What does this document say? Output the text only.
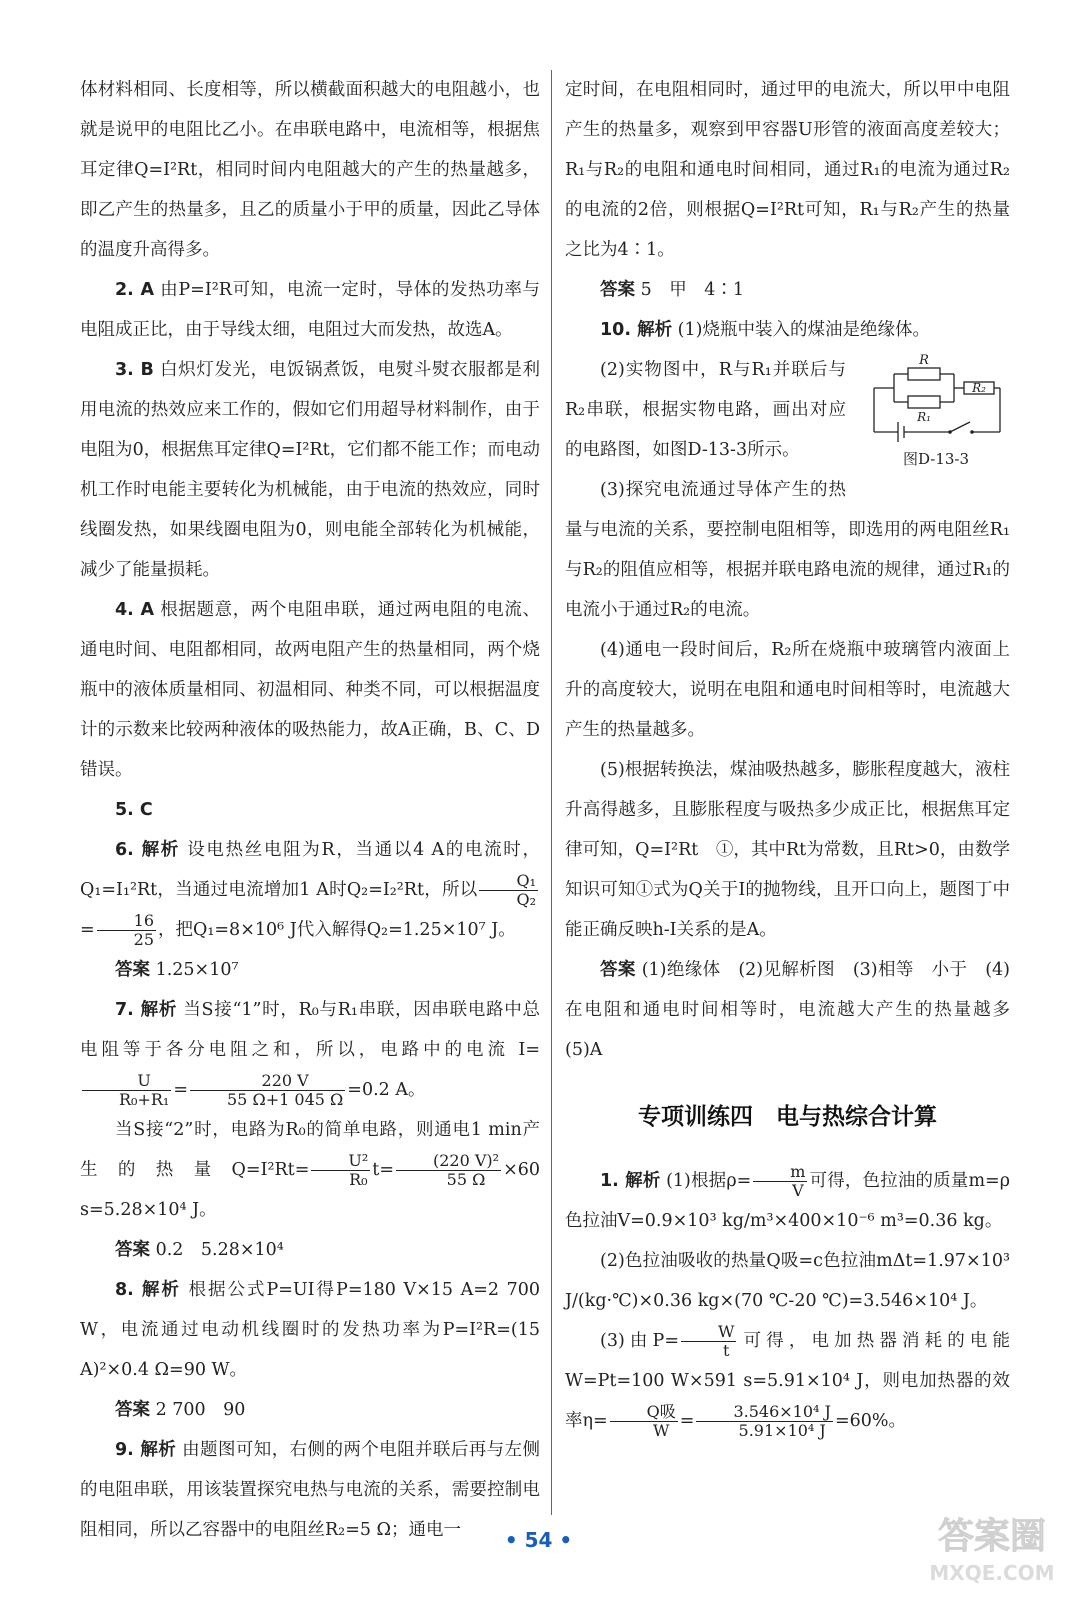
体材料相同、长度相等，所以横截面积越大的电阻越小，也就是说甲的电阻比乙小。在串联电路中，电流相等，根据焦耳定律Q=I²Rt，相同时间内电阻越大的产生的热量越多，即乙产生的热量多，且乙的质量小于甲的质量，因此乙导体的温度升高得多。

2. A 由P=I²R可知，电流一定时，导体的发热功率与电阻成正比，由于导线太细，电阻过大而发热，故选A。

3. B 白炽灯发光，电饭锅煮饭，电熨斗熨衣服都是利用电流的热效应来工作的，假如它们用超导材料制作，由于电阻为0，根据焦耳定律Q=I²Rt，它们都不能工作；而电动机工作时电能主要转化为机械能，由于电流的热效应，同时线圈发热，如果线圈电阻为0，则电能全部转化为机械能，减少了能量损耗。

4. A 根据题意，两个电阻串联，通过两电阻的电流、通电时间、电阻都相同，故两电阻产生的热量相同，两个烧瓶中的液体质量相同、初温相同、种类不同，可以根据温度计的示数来比较两种液体的吸热能力，故A正确，B、C、D错误。

5. C

6. 解析 设电热丝电阻为R，当通以4 A的电流时，Q₁=I₁²Rt，当通过电流增加1 A时Q₂=I₂²Rt，所以 $\frac{\text{Q₁}}{\text{Q₂}}$
= $\frac{16}{25}$ ，把Q₁=8×10⁶ J代入解得Q₂=1.25×10⁷ J。

答案 1.25×10⁷

7. 解析 当S接“1”时，R₀与R₁串联，因串联电路中总电阻等于各分电阻之和，所以，电路中的电流 I=
$\frac{U}{\text{R₀+R₁}} = \frac{220 V}{55 \Omega+1 045 \Omega} =0.2$ A。

当S接“2”时，电路为R₀的简单电路，则通电1 min产生的热量$Q=I^2Rt= \frac{\text{U²}}{\text{R₀}} t= \frac{\text{(220 V)²}}{55 \Omega} \times 60$ s=5.28×10⁴ J。

答案 0.2　5.28×10⁴

8. 解析 根据公式P=UI得P=180 V×15 A=2 700 W，电流通过电动机线圈时的发热功率为P=I²R=(15 A)²×0.4 Ω=90 W。

答案 2 700　90

9. 解析 由题图可知，右侧的两个电阻并联后再与左侧的电阻串联，用该装置探究电热与电流的关系，需要控制电阻相同，所以乙容器中的电阻丝R₂=5 Ω；通电一

定时间，在电阻相同时，通过甲的电流大，所以甲中电阻产生的热量多，观察到甲容器U形管的液面高度差较大；R₁与R₂的电阻和通电时间相同，通过R₁的电流为通过R₂的电流的2倍，则根据Q=I²Rt可知，R₁与R₂产生的热量之比为4∶1。

答案 5　甲　4∶1

10. 解析 (1)烧瓶中装入的煤油是绝缘体。

R
R₁
R₂
图D-13-3

(2)实物图中，R与R₁并联后与R₂串联，根据实物电路，画出对应的电路图，如图D-13-3所示。

(3)探究电流通过导体产生的热量与电流的关系，要控制电阻相等，即选用的两电阻丝R₁与R₂的阻值应相等，根据并联电路电流的规律，通过R₁的电流小于通过R₂的电流。

(4)通电一段时间后，R₂所在烧瓶中玻璃管内液面上升的高度较大，说明在电阻和通电时间相等时，电流越大产生的热量越多。

(5)根据转换法，煤油吸热越多，膨胀程度越大，液柱升高得越多，且膨胀程度与吸热多少成正比，根据焦耳定律可知，Q=I²Rt　①，其中Rt为常数，且Rt>0，由数学知识可知①式为Q关于I的抛物线，且开口向上，题图丁中能正确反映h-I关系的是A。

答案 (1)绝缘体　(2)见解析图　(3)相等　小于　(4)在电阻和通电时间相等时，电流越大产生的热量越多　(5)A

专项训练四　电与热综合计算

1. 解析 (1)根据$\rho= \frac{m}{V}$ 可得，色拉油的质量m=ρ色拉油V=0.9×10³ kg/m³×400×10⁻⁶ m³=0.36 kg。

(2)色拉油吸收的热量Q吸=c色拉油mΔt=1.97×10³ J/(kg·℃)×0.36 kg×(70 ℃-20 ℃)=3.546×10⁴ J。

(3)由$P= \frac{W}{t}$ 可得，电加热器消耗的电能W=Pt=100 W×591 s=5.91×10⁴ J，则电加热器的效率$\eta= \frac{\text{Q吸}}{W} = \frac{\text{3.546×10⁴ J}}{\text{5.91×10⁴ J}} =60\%$。

• 54 •	答案圈
MXQE.COM
